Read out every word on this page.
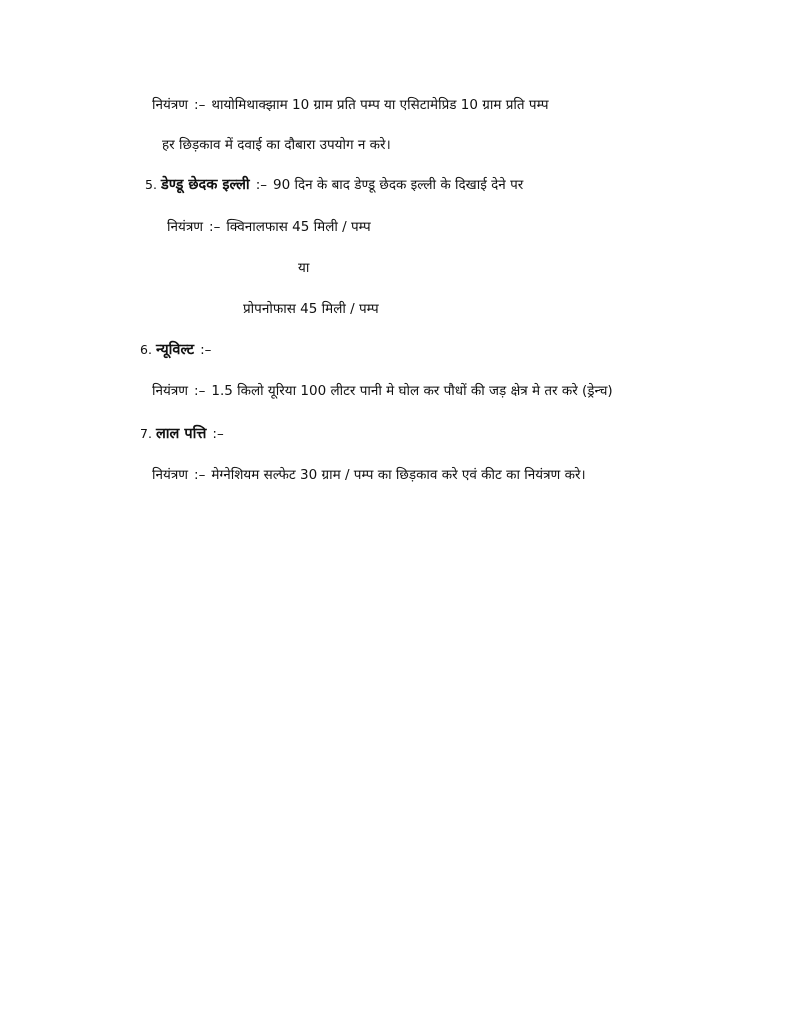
नियंत्रण :– थायोमिथाक्झाम 10 ग्राम प्रति पम्प या एसिटामेप्रिड 10 ग्राम प्रति पम्प
हर छिड़काव में दवाई का दौबारा उपयोग न करे।
5. डेण्डू छेदक इल्ली :– 90 दिन के बाद डेण्डू छेदक इल्ली के दिखाई देने पर
नियंत्रण :– क्विनालफास 45 मिली / पम्प
या
प्रोपनोफास 45 मिली / पम्प
6. न्यूविल्ट :–
नियंत्रण :– 1.5 किलो यूरिया 100 लीटर पानी मे घोल कर पौधों की जड़ क्षेत्र मे तर करे (ड्रेन्च)
7. लाल पत्ति :–
नियंत्रण :– मेग्नेशियम सल्फेट 30 ग्राम / पम्प का छिड़काव करे एवं कीट का नियंत्रण करे।
